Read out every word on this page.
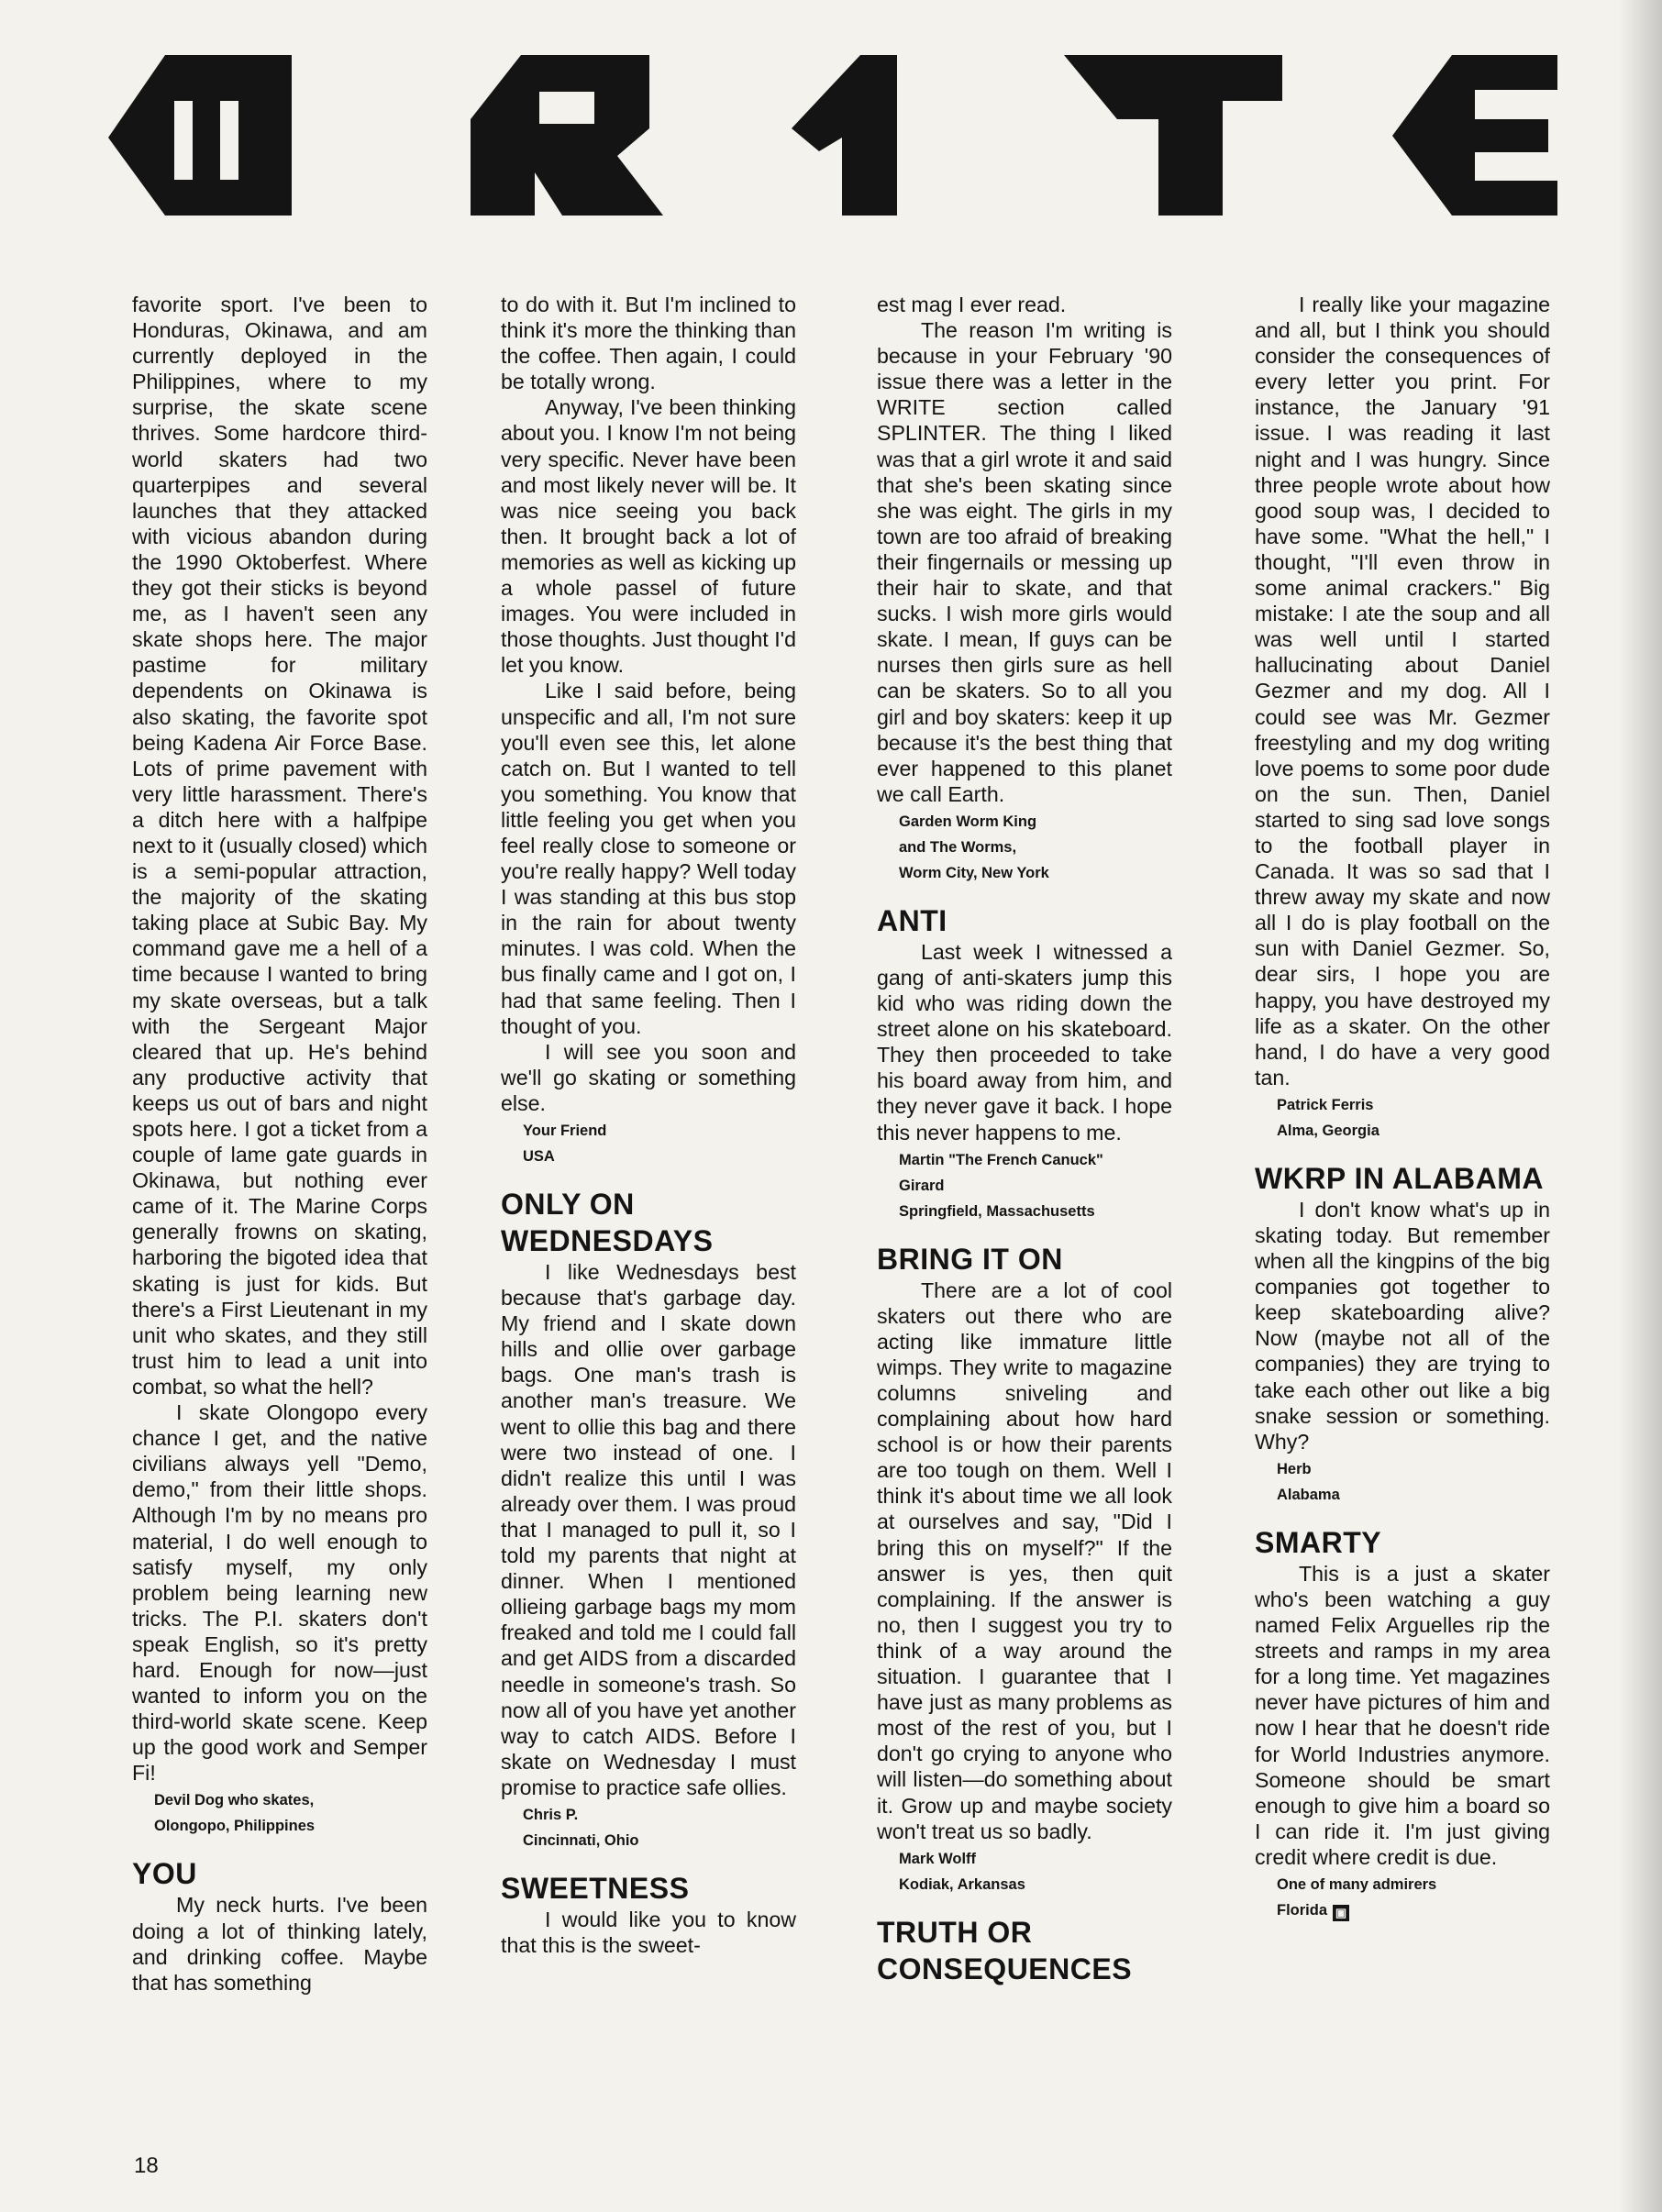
favorite sport. I've been to Honduras, Okinawa, and am currently deployed in the Philippines, where to my surprise, the skate scene thrives. Some hardcore third-world skaters had two quarterpipes and several launches that they attacked with vicious abandon during the 1990 Oktoberfest. Where they got their sticks is beyond me, as I haven't seen any skate shops here. The major pastime for military dependents on Okinawa is also skating, the favorite spot being Kadena Air Force Base. Lots of prime pavement with very little harassment. There's a ditch here with a halfpipe next to it (usually closed) which is a semi-popular attraction, the majority of the skating taking place at Subic Bay. My command gave me a hell of a time because I wanted to bring my skate overseas, but a talk with the Sergeant Major cleared that up. He's behind any productive activity that keeps us out of bars and night spots here. I got a ticket from a couple of lame gate guards in Okinawa, but nothing ever came of it. The Marine Corps generally frowns on skating, harboring the bigoted idea that skating is just for kids. But there's a First Lieutenant in my unit who skates, and they still trust him to lead a unit into combat, so what the hell?

I skate Olongopo every chance I get, and the native civilians always yell "Demo, demo," from their little shops. Although I'm by no means pro material, I do well enough to satisfy myself, my only problem being learning new tricks. The P.I. skaters don't speak English, so it's pretty hard. Enough for now—just wanted to inform you on the third-world skate scene. Keep up the good work and Semper Fi!

Devil Dog who skates,
Olongopo, Philippines
YOU

My neck hurts. I've been doing a lot of thinking lately, and drinking coffee. Maybe that has something

to do with it. But I'm inclined to think it's more the thinking than the coffee. Then again, I could be totally wrong.

Anyway, I've been thinking about you. I know I'm not being very specific. Never have been and most likely never will be. It was nice seeing you back then. It brought back a lot of memories as well as kicking up a whole passel of future images. You were included in those thoughts. Just thought I'd let you know.

Like I said before, being unspecific and all, I'm not sure you'll even see this, let alone catch on. But I wanted to tell you something. You know that little feeling you get when you feel really close to someone or you're really happy? Well today I was standing at this bus stop in the rain for about twenty minutes. I was cold. When the bus finally came and I got on, I had that same feeling. Then I thought of you.

I will see you soon and we'll go skating or something else.

Your Friend
USA
ONLY ON WEDNESDAYS

I like Wednesdays best because that's garbage day. My friend and I skate down hills and ollie over garbage bags. One man's trash is another man's treasure. We went to ollie this bag and there were two instead of one. I didn't realize this until I was already over them. I was proud that I managed to pull it, so I told my parents that night at dinner. When I mentioned ollieing garbage bags my mom freaked and told me I could fall and get AIDS from a discarded needle in someone's trash. So now all of you have yet another way to catch AIDS. Before I skate on Wednesday I must promise to practice safe ollies.

Chris P.
Cincinnati, Ohio
SWEETNESS

I would like you to know that this is the sweet-

est mag I ever read.

The reason I'm writing is because in your February '90 issue there was a letter in the WRITE section called SPLINTER. The thing I liked was that a girl wrote it and said that she's been skating since she was eight. The girls in my town are too afraid of breaking their fingernails or messing up their hair to skate, and that sucks. I wish more girls would skate. I mean, If guys can be nurses then girls sure as hell can be skaters. So to all you girl and boy skaters: keep it up because it's the best thing that ever happened to this planet we call Earth.

Garden Worm King
and The Worms,
Worm City, New York
ANTI

Last week I witnessed a gang of anti-skaters jump this kid who was riding down the street alone on his skateboard. They then proceeded to take his board away from him, and they never gave it back. I hope this never happens to me.

Martin "The French Canuck"
Girard
Springfield, Massachusetts
BRING IT ON

There are a lot of cool skaters out there who are acting like immature little wimps. They write to magazine columns sniveling and complaining about how hard school is or how their parents are too tough on them. Well I think it's about time we all look at ourselves and say, "Did I bring this on myself?" If the answer is yes, then quit complaining. If the answer is no, then I suggest you try to think of a way around the situation. I guarantee that I have just as many problems as most of the rest of you, but I don't go crying to anyone who will listen—do something about it. Grow up and maybe society won't treat us so badly.

Mark Wolff
Kodiak, Arkansas
TRUTH OR CONSEQUENCES

I really like your magazine and all, but I think you should consider the consequences of every letter you print. For instance, the January '91 issue. I was reading it last night and I was hungry. Since three people wrote about how good soup was, I decided to have some. "What the hell," I thought, "I'll even throw in some animal crackers." Big mistake: I ate the soup and all was well until I started hallucinating about Daniel Gezmer and my dog. All I could see was Mr. Gezmer freestyling and my dog writing love poems to some poor dude on the sun. Then, Daniel started to sing sad love songs to the football player in Canada. It was so sad that I threw away my skate and now all I do is play football on the sun with Daniel Gezmer. So, dear sirs, I hope you are happy, you have destroyed my life as a skater. On the other hand, I do have a very good tan.

Patrick Ferris
Alma, Georgia
WKRP IN ALABAMA

I don't know what's up in skating today. But remember when all the kingpins of the big companies got together to keep skateboarding alive? Now (maybe not all of the companies) they are trying to take each other out like a big snake session or something. Why?

Herb
Alabama
SMARTY

This is a just a skater who's been watching a guy named Felix Arguelles rip the streets and ramps in my area for a long time. Yet magazines never have pictures of him and now I hear that he doesn't ride for World Industries anymore. Someone should be smart enough to give him a board so I can ride it. I'm just giving credit where credit is due.

One of many admirers
Florida ▣
18
